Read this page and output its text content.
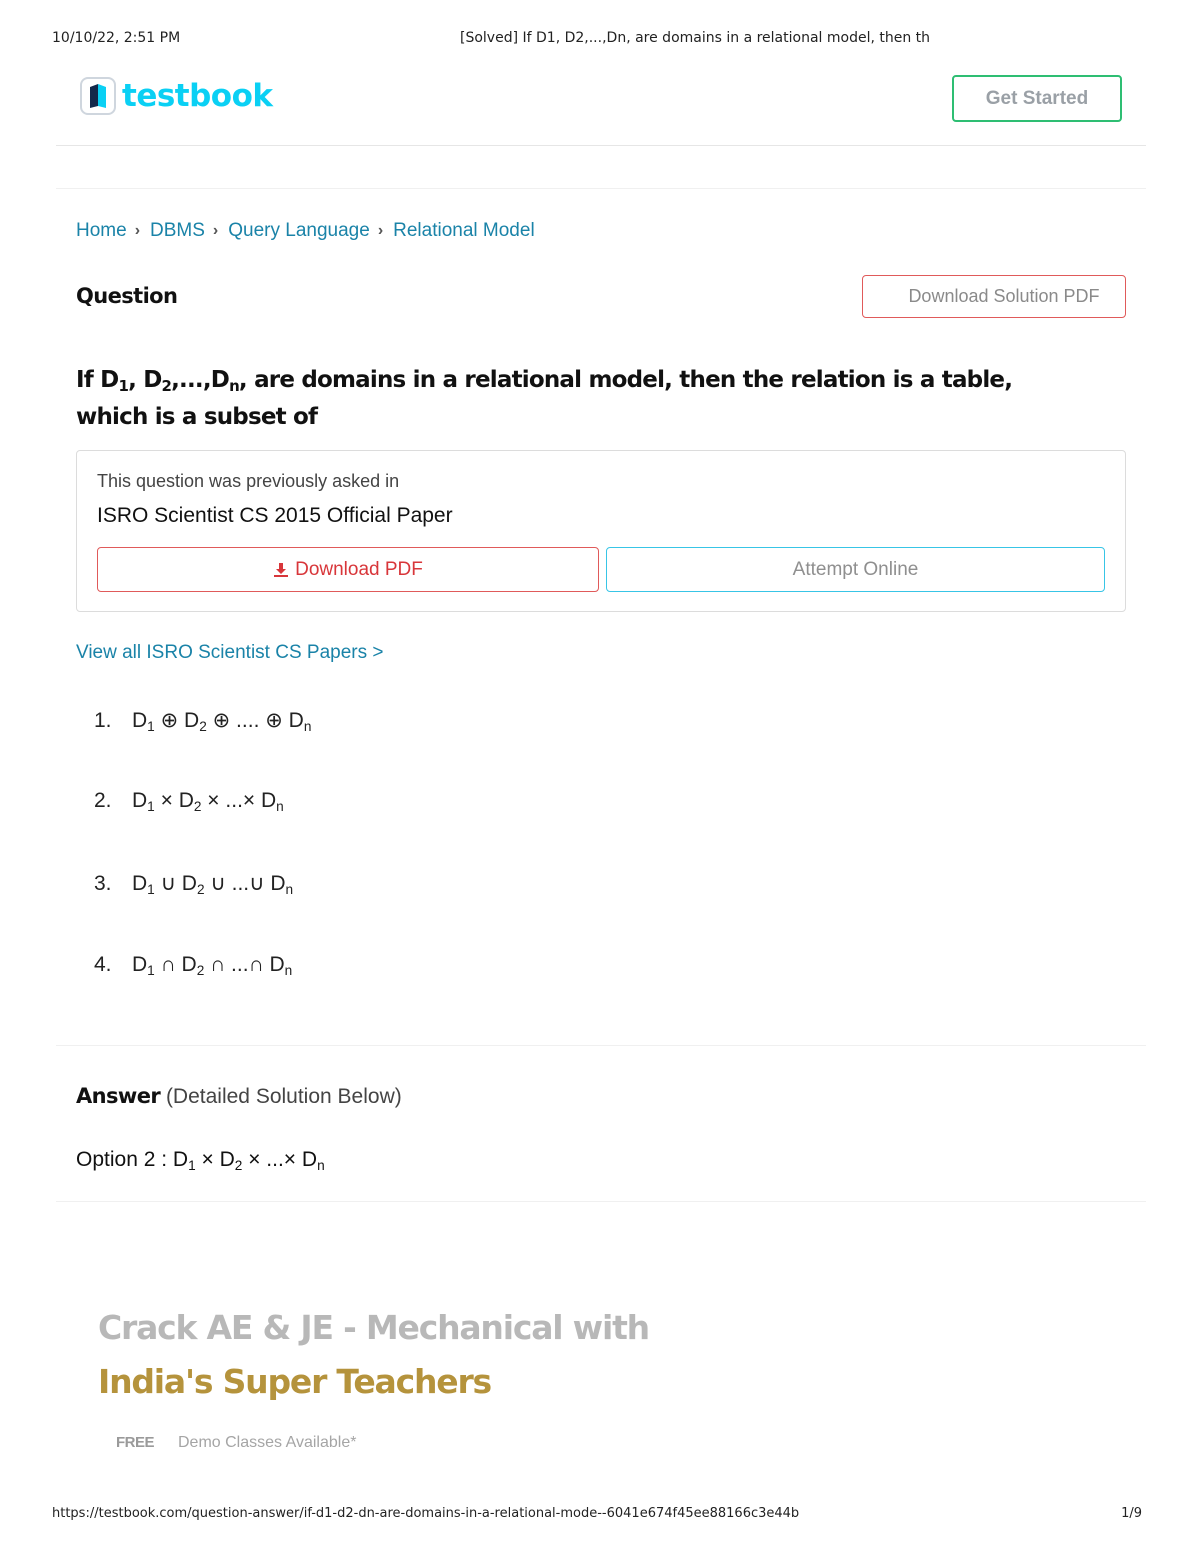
10/10/22, 2:51 PM	[Solved] If D1, D2,...,Dn, are domains in a relational model, then th
testbook	Get Started
Home › DBMS › Query Language › Relational Model
Question	Download Solution PDF
If $D_1$, $D_2,...,D_n$, are domains in a relational model, then the relation is a table, which is a subset of
This question was previously asked in
ISRO Scientist CS 2015 Official Paper
Download PDF	Attempt Online
View all ISRO Scientist CS Papers >
1. $D_1$ ⊕ $D_2$ ⊕ .... ⊕ $D_n$
2. $D_1 \times D_2$ × ...× $D_n$
3. $D_1$ ∪ $D_2$ ∪ ...∪ $D_n$
4. $D_1$ ∩ $D_2$ ∩ ...∩ $D_n$
Answer (Detailed Solution Below)
Option 2 : $D_1 \times D_2$ × ...× $D_n$
Crack AE & JE - Mechanical with
India's Super Teachers
FREE Demo Classes Available*
https://testbook.com/question-answer/if-d1-d2-dn-are-domains-in-a-relational-mode--6041e674f45ee88166c3e44b	1/9
